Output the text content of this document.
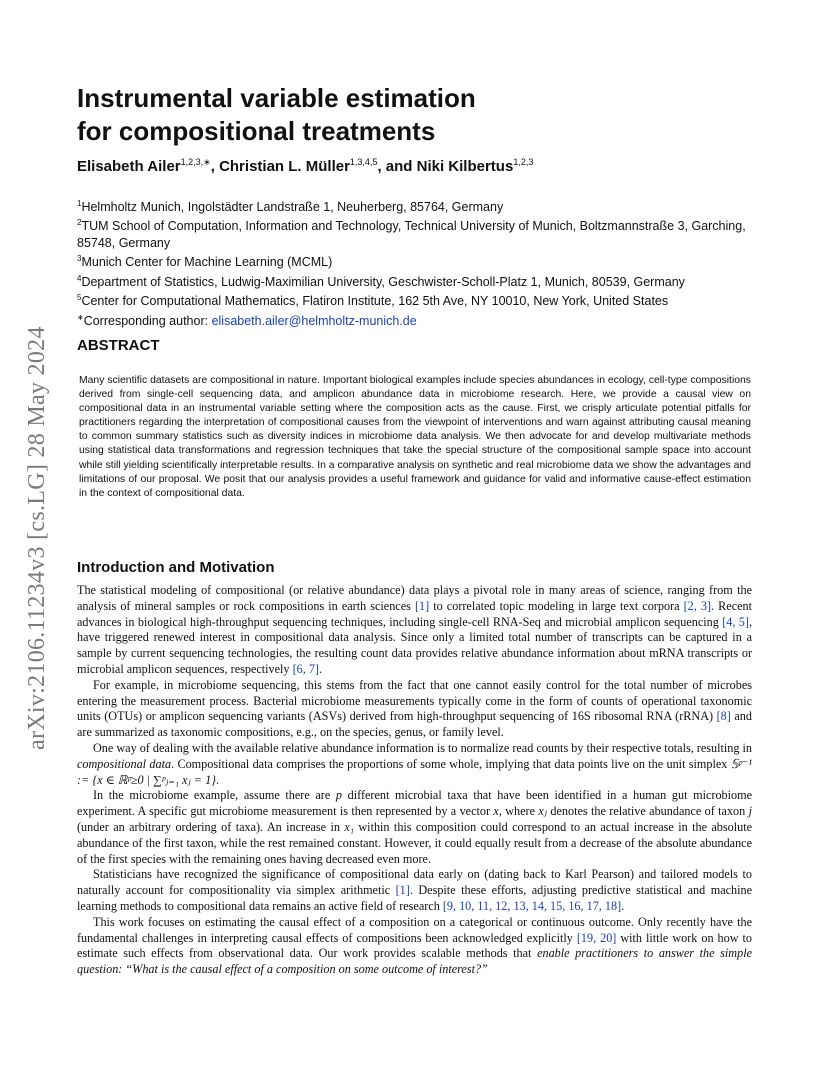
arXiv:2106.11234v3 [cs.LG] 28 May 2024
Instrumental variable estimation
for compositional treatments
Elisabeth Ailer$^{1,2,3,∗}$, Christian L. Müller$^{1,3,4,5}$, and Niki Kilbertus$^{1,2,3}$
$^1$Helmholtz Munich, Ingolstädter Landstraße 1, Neuherberg, 85764, Germany
$^2$TUM School of Computation, Information and Technology, Technical University of Munich, Boltzmannstraße 3, Garching, 85748, Germany
$^3$Munich Center for Machine Learning (MCML)
$^4$Department of Statistics, Ludwig-Maximilian University, Geschwister-Scholl-Platz 1, Munich, 80539, Germany
$^5$Center for Computational Mathematics, Flatiron Institute, 162 5th Ave, NY 10010, New York, United States
∗Corresponding author: elisabeth.ailer@helmholtz-munich.de
ABSTRACT
Many scientific datasets are compositional in nature. Important biological examples include species abundances in ecology, cell-type compositions derived from single-cell sequencing data, and amplicon abundance data in microbiome research. Here, we provide a causal view on compositional data in an instrumental variable setting where the composition acts as the cause. First, we crisply articulate potential pitfalls for practitioners regarding the interpretation of compositional causes from the viewpoint of interventions and warn against attributing causal meaning to common summary statistics such as diversity indices in microbiome data analysis. We then advocate for and develop multivariate methods using statistical data transformations and regression techniques that take the special structure of the compositional sample space into account while still yielding scientifically interpretable results. In a comparative analysis on synthetic and real microbiome data we show the advantages and limitations of our proposal. We posit that our analysis provides a useful framework and guidance for valid and informative cause-effect estimation in the context of compositional data.
Introduction and Motivation

The statistical modeling of compositional (or relative abundance) data plays a pivotal role in many areas of science, ranging from the analysis of mineral samples or rock compositions in earth sciences [1] to correlated topic modeling in large text corpora [2, 3]. Recent advances in biological high-throughput sequencing techniques, including single-cell RNA-Seq and microbial amplicon sequencing [4, 5], have triggered renewed interest in compositional data analysis. Since only a limited total number of transcripts can be captured in a sample by current sequencing technologies, the resulting count data provides relative abundance information about mRNA transcripts or microbial amplicon sequences, respectively [6, 7].

For example, in microbiome sequencing, this stems from the fact that one cannot easily control for the total number of microbes entering the measurement process. Bacterial microbiome measurements typically come in the form of counts of operational taxonomic units (OTUs) or amplicon sequencing variants (ASVs) derived from high-throughput sequencing of 16S ribosomal RNA (rRNA) [8] and are summarized as taxonomic compositions, e.g., on the species, genus, or family level.

One way of dealing with the available relative abundance information is to normalize read counts by their respective totals, resulting in compositional data. Compositional data comprises the proportions of some whole, implying that data points live on the unit simplex 𝕊ᵖ⁻¹ := {x ∈ ℝᵖ≥0 | ∑ᵖⱼ₌₁ xⱼ = 1}.

In the microbiome example, assume there are p different microbial taxa that have been identified in a human gut microbiome experiment. A specific gut microbiome measurement is then represented by a vector x, where xⱼ denotes the relative abundance of taxon j (under an arbitrary ordering of taxa). An increase in x₁ within this composition could correspond to an actual increase in the absolute abundance of the first taxon, while the rest remained constant. However, it could equally result from a decrease of the absolute abundance of the first species with the remaining ones having decreased even more.

Statisticians have recognized the significance of compositional data early on (dating back to Karl Pearson) and tailored models to naturally account for compositionality via simplex arithmetic [1]. Despite these efforts, adjusting predictive statistical and machine learning methods to compositional data remains an active field of research [9, 10, 11, 12, 13, 14, 15, 16, 17, 18].

This work focuses on estimating the causal effect of a composition on a categorical or continuous outcome. Only recently have the fundamental challenges in interpreting causal effects of compositions been acknowledged explicitly [19, 20] with little work on how to estimate such effects from observational data. Our work provides scalable methods that enable practitioners to answer the simple question: “What is the causal effect of a composition on some outcome of interest?”
